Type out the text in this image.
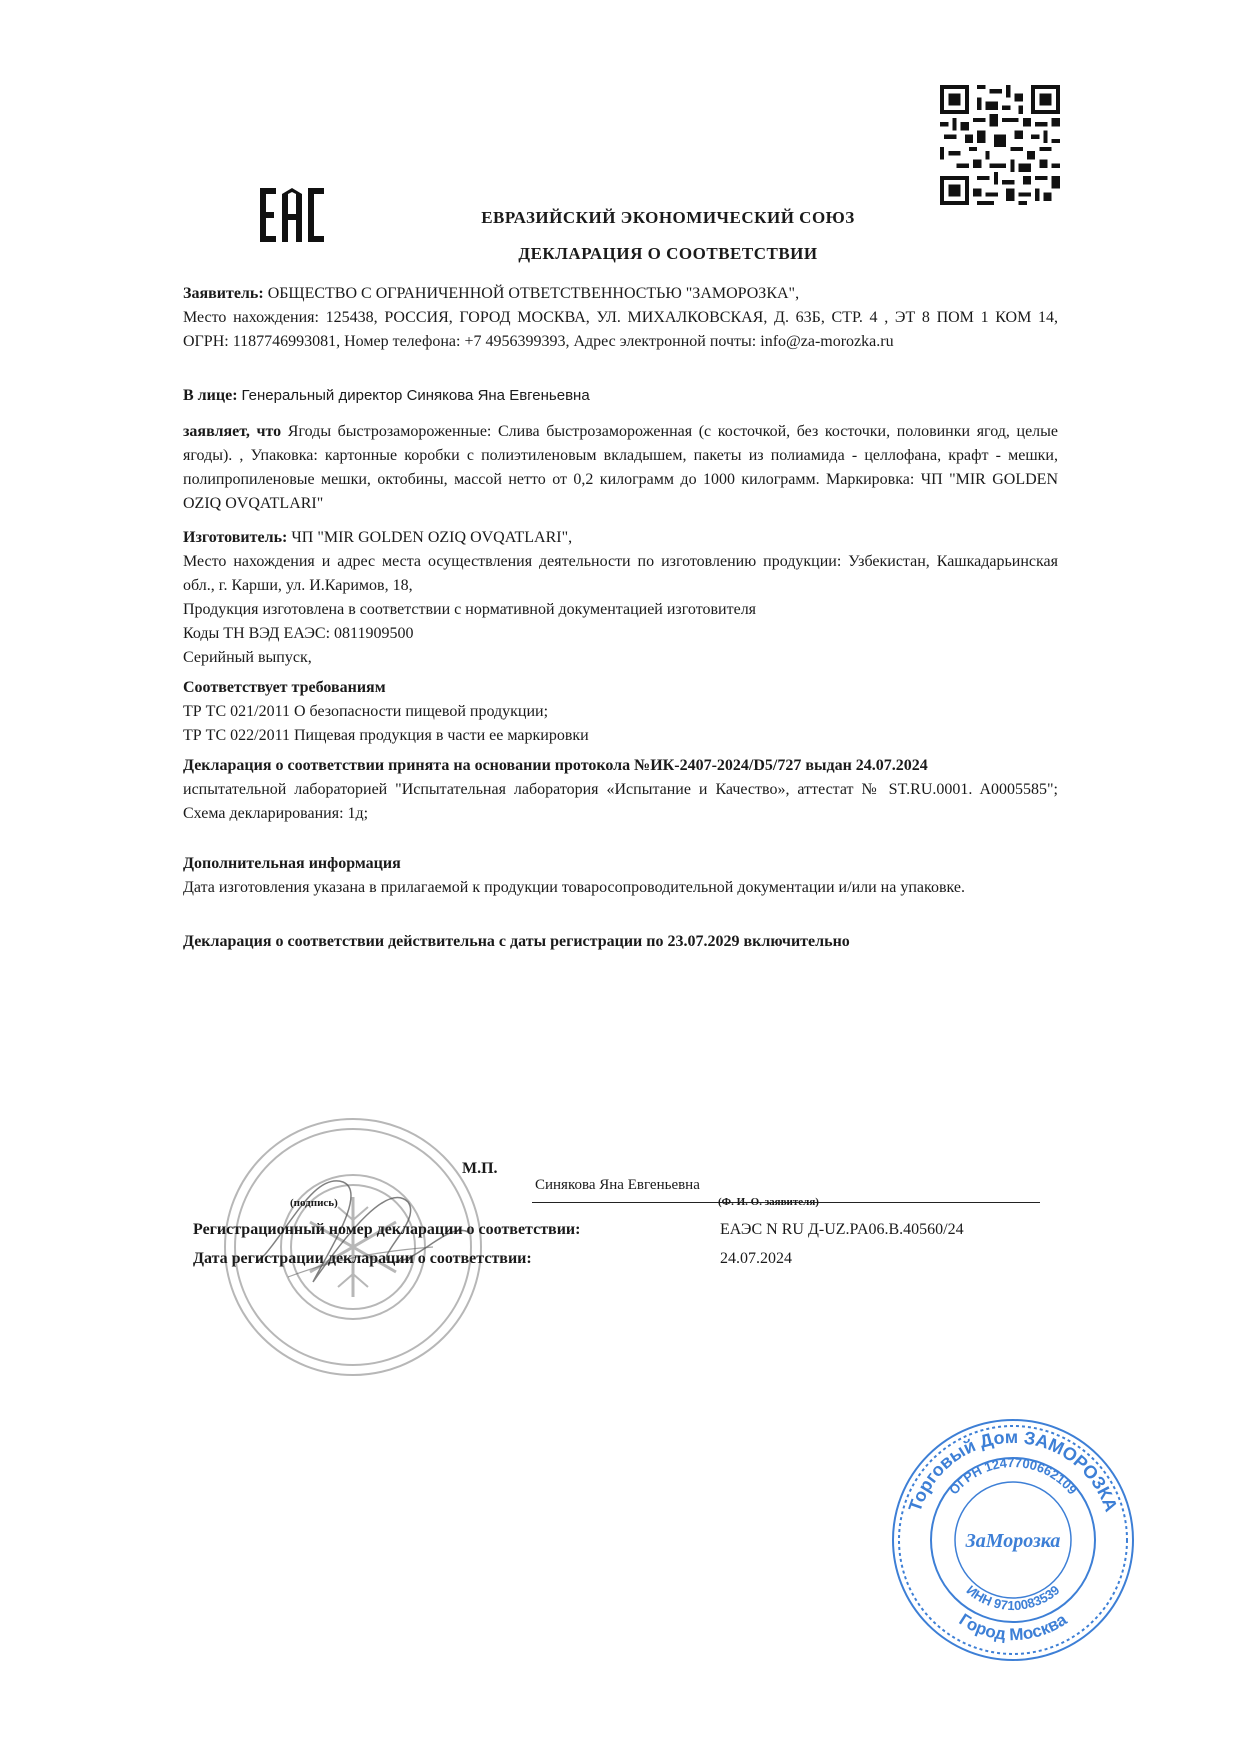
ЕВРАЗИЙСКИЙ ЭКОНОМИЧЕСКИЙ СОЮЗ
ДЕКЛАРАЦИЯ О СООТВЕТСТВИИ

Заявитель: ОБЩЕСТВО С ОГРАНИЧЕННОЙ ОТВЕТСТВЕННОСТЬЮ "ЗАМОРОЗКА",

Место нахождения: 125438, РОССИЯ, ГОРОД МОСКВА, УЛ. МИХАЛКОВСКАЯ, Д. 63Б, СТР. 4 , ЭТ 8 ПОМ 1 КОМ 14, ОГРН: 1187746993081, Номер телефона: +7 4956399393, Адрес электронной почты: info@za-morozka.ru

В лице: Генеральный директор Синякова Яна Евгеньевна

заявляет, что Ягоды быстрозамороженные: Слива быстрозамороженная (с косточкой, без косточки, половинки ягод, целые ягоды). , Упаковка: картонные коробки с полиэтиленовым вкладышем, пакеты из полиамида - целлофана, крафт - мешки, полипропиленовые мешки, октобины, массой нетто от 0,2 килограмм до 1000 килограмм. Маркировка: ЧП "MIR GOLDEN OZIQ OVQATLARI"

Изготовитель: ЧП "MIR GOLDEN OZIQ OVQATLARI",

Место нахождения и адрес места осуществления деятельности по изготовлению продукции: Узбекистан, Кашкадарьинская обл., г. Карши, ул. И.Каримов, 18,

Продукция изготовлена в соответствии с нормативной документацией изготовителя

Коды ТН ВЭД ЕАЭС: 0811909500

Серийный выпуск,

Соответствует требованиям

ТР ТС 021/2011 О безопасности пищевой продукции;

ТР ТС 022/2011 Пищевая продукция в части ее маркировки

Декларация о соответствии принята на основании протокола №ИК-2407-2024/D5/727 выдан 24.07.2024

испытательной лабораторией "Испытательная лаборатория «Испытание и Качество», аттестат № ST.RU.0001. A0005585"; Схема декларирования: 1д;

Дополнительная информация

Дата изготовления указана в прилагаемой к продукции товаросопроводительной документации и/или на упаковке.

Декларация о соответствии действительна с даты регистрации по 23.07.2029 включительно
М.П.
Синякова Яна Евгеньевна
(подпись)	(Ф. И. О. заявителя)
Регистрационный номер декларации о соответствии:	ЕАЭС N RU Д-UZ.PA06.B.40560/24
Дата регистрации декларации о соответствии:	24.07.2024
Торговый Дом ЗАМОРОЗКА
ОГРН 1247700662109
Город Москва
ИНН 9710083539
ЗаМорозка
